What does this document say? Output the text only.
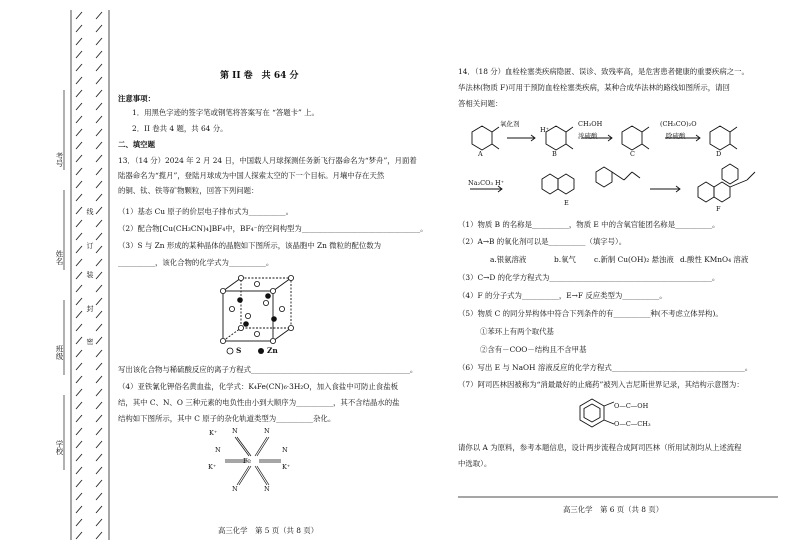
考号
姓名
班级
学校
线
订
装
封
密
第 II 卷　共 64 分
注意事项：
1．用黑色字迹的签字笔或钢笔将答案写在 “答题卡” 上。
2．II 卷共 4 题，共 64 分。
二、填空题
13．（14 分）2024 年 2 月 24 日，中国载人月球探测任务新飞行器命名为“梦舟”，月面着
陆器命名为“揽月”，登陆月球成为中国人探索太空的下一个目标。月壤中存在天然
的铜、钛、铁等矿物颗粒，回答下列问题：
（1）基态 Cu 原子的价层电子排布式为__________。
（2）配合物[Cu(CH₃CN)₄]BF₄中，BF₄⁻的空间构型为________________________________。
（3）S 与 Zn 形成的某种晶体的晶胞如下图所示，该晶胞中 Zn 微粒的配位数为
__________，该化合物的化学式为__________。
S	Zn
写出该化合物与稀硫酸反应的离子方程式___________________________________________。
（4）亚铁氰化钾俗名黄血盐，化学式：K₄Fe(CN)₆·3H₂O，加入食盐中可防止食盐板
结，其中 C、N、O 三种元素的电负性由小到大顺序为__________，其不含结晶水的盐
结构如下图所示，其中 C 原子的杂化轨道类型为__________杂化。
K⁺ N	N
N
Fe
N
K⁺	K⁺
N	N
高三化学　第 5 页（共 8 页）
14．（18 分）血栓栓塞类疾病隐匿、误诊、致残率高，是危害患者健康的重要疾病之一。
华法林(物质 F)可用于预防血栓栓塞类疾病，某种合成华法林的路线如图所示，请回
答相关问题：
氧化剂	CH₃OH
浓硫酸
(CH₃CO)₂O
除硫酸
H⁺
A	B	C	D
Na₂CO₃ H⁺
E
F
（1）物质 B 的名称是__________，物质 E 中的含氧官能团名称是__________。
（2）A→B 的氧化剂可以是__________（填字号）。
a.银氨溶液	b.氧气 c.新制 Cu(OH)₂ 悬浊液 d.酸性 KMnO₄ 溶液
（3）C→D 的化学方程式为____________________________________________。
（4）F 的分子式为__________，E→F 反应类型为__________。
（5）物质 C 的同分异构体中符合下列条件的有__________种(不考虑立体异构)。
①苯环上有两个取代基
②含有－COO－结构且不含甲基
（6）写出 E 与 NaOH 溶液反应的化学方程式____________________________________。
（7）阿司匹林因被称为“消最最好的止痛药”被列入吉尼斯世界记录，其结构示意图为：
O—C—OH
O—C—CH₃
请你以 A 为原料，参考本题信息，设计两步流程合成阿司匹林（所用试剂均从上述流程
中选取）。
高三化学　第 6 页（共 8 页）
